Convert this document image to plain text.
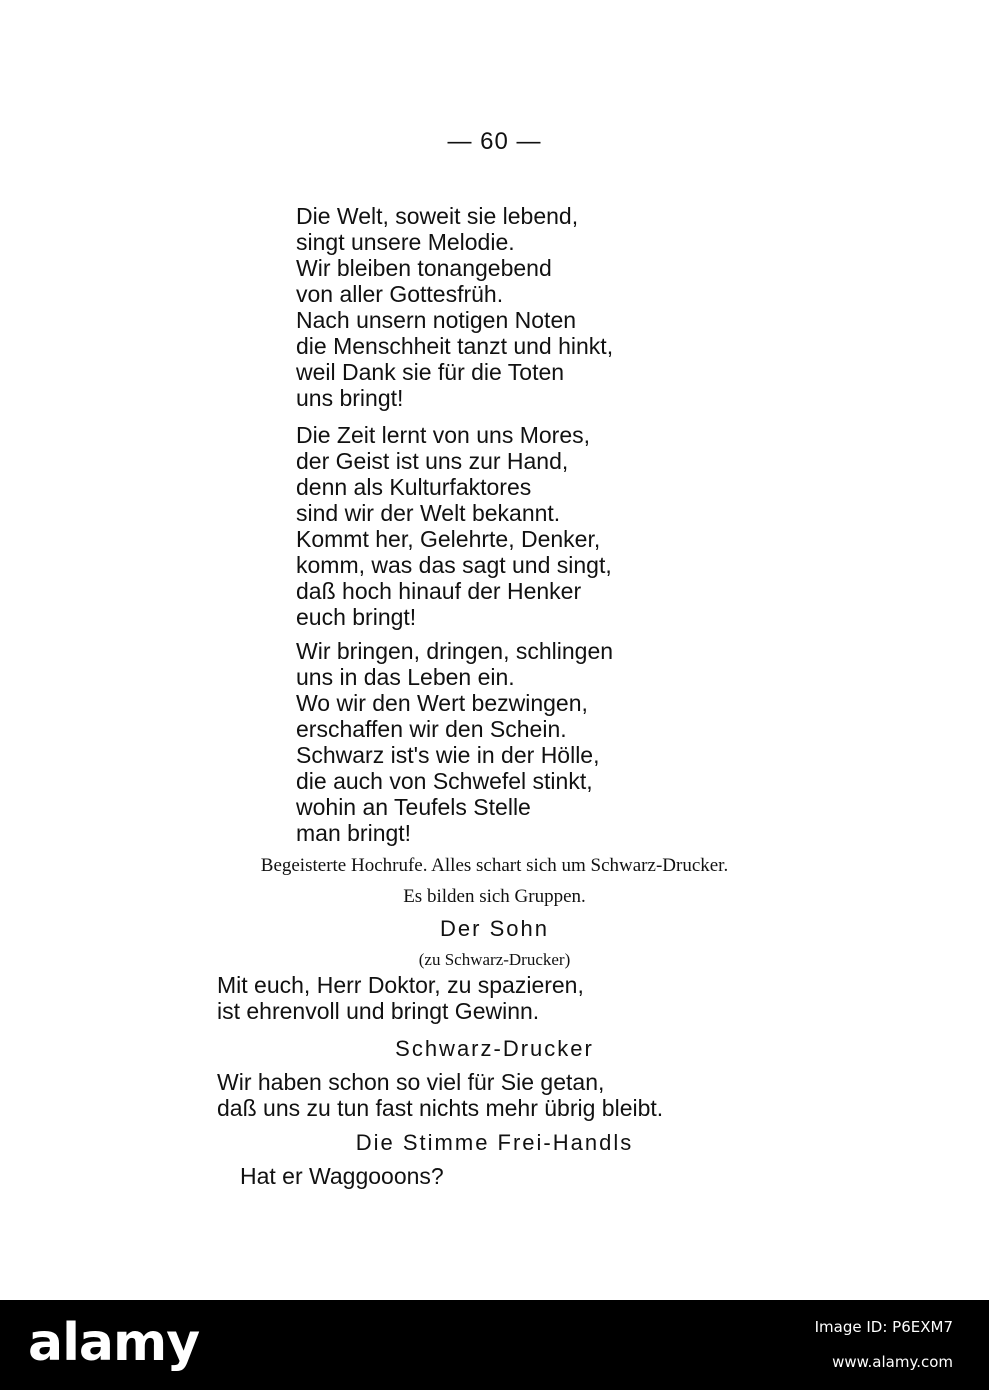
— 60 —
Die Welt, soweit sie lebend,
singt unsere Melodie.
Wir bleiben tonangebend
von aller Gottesfrüh.
Nach unsern notigen Noten
die Menschheit tanzt und hinkt,
weil Dank sie für die Toten
uns bringt!
Die Zeit lernt von uns Mores,
der Geist ist uns zur Hand,
denn als Kulturfaktores
sind wir der Welt bekannt.
Kommt her, Gelehrte, Denker,
komm, was das sagt und singt,
daß hoch hinauf der Henker
euch bringt!
Wir bringen, dringen, schlingen
uns in das Leben ein.
Wo wir den Wert bezwingen,
erschaffen wir den Schein.
Schwarz ist's wie in der Hölle,
die auch von Schwefel stinkt,
wohin an Teufels Stelle
man bringt!
Begeisterte Hochrufe. Alles schart sich um Schwarz-Drucker.
Es bilden sich Gruppen.
Der Sohn
(zu Schwarz-Drucker)
Mit euch, Herr Doktor, zu spazieren,
ist ehrenvoll und bringt Gewinn.
Schwarz-Drucker
Wir haben schon so viel für Sie getan,
daß uns zu tun fast nichts mehr übrig bleibt.
Die Stimme Frei-Handls
Hat er Waggooons?
alamy	Image ID: P6EXM7
www.alamy.com
